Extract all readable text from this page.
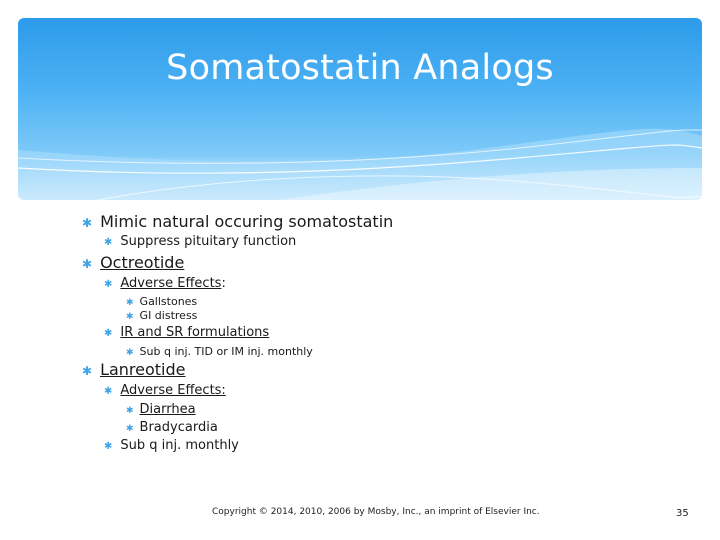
Somatostatin Analogs
✱ Mimic natural occuring somatostatin
✱ Suppress pituitary function
✱ Octreotide
✱ Adverse Effects :
✱ Gallstones
✱ GI distress
✱ IR and SR formulations
✱ Sub q inj. TID or IM inj. monthly
✱ Lanreotide
✱ Adverse Effects:
✱ Diarrhea
✱ Bradycardia
✱ Sub q inj. monthly
Copyright © 2014, 2010, 2006 by Mosby, Inc., an imprint of Elsevier Inc.	35
